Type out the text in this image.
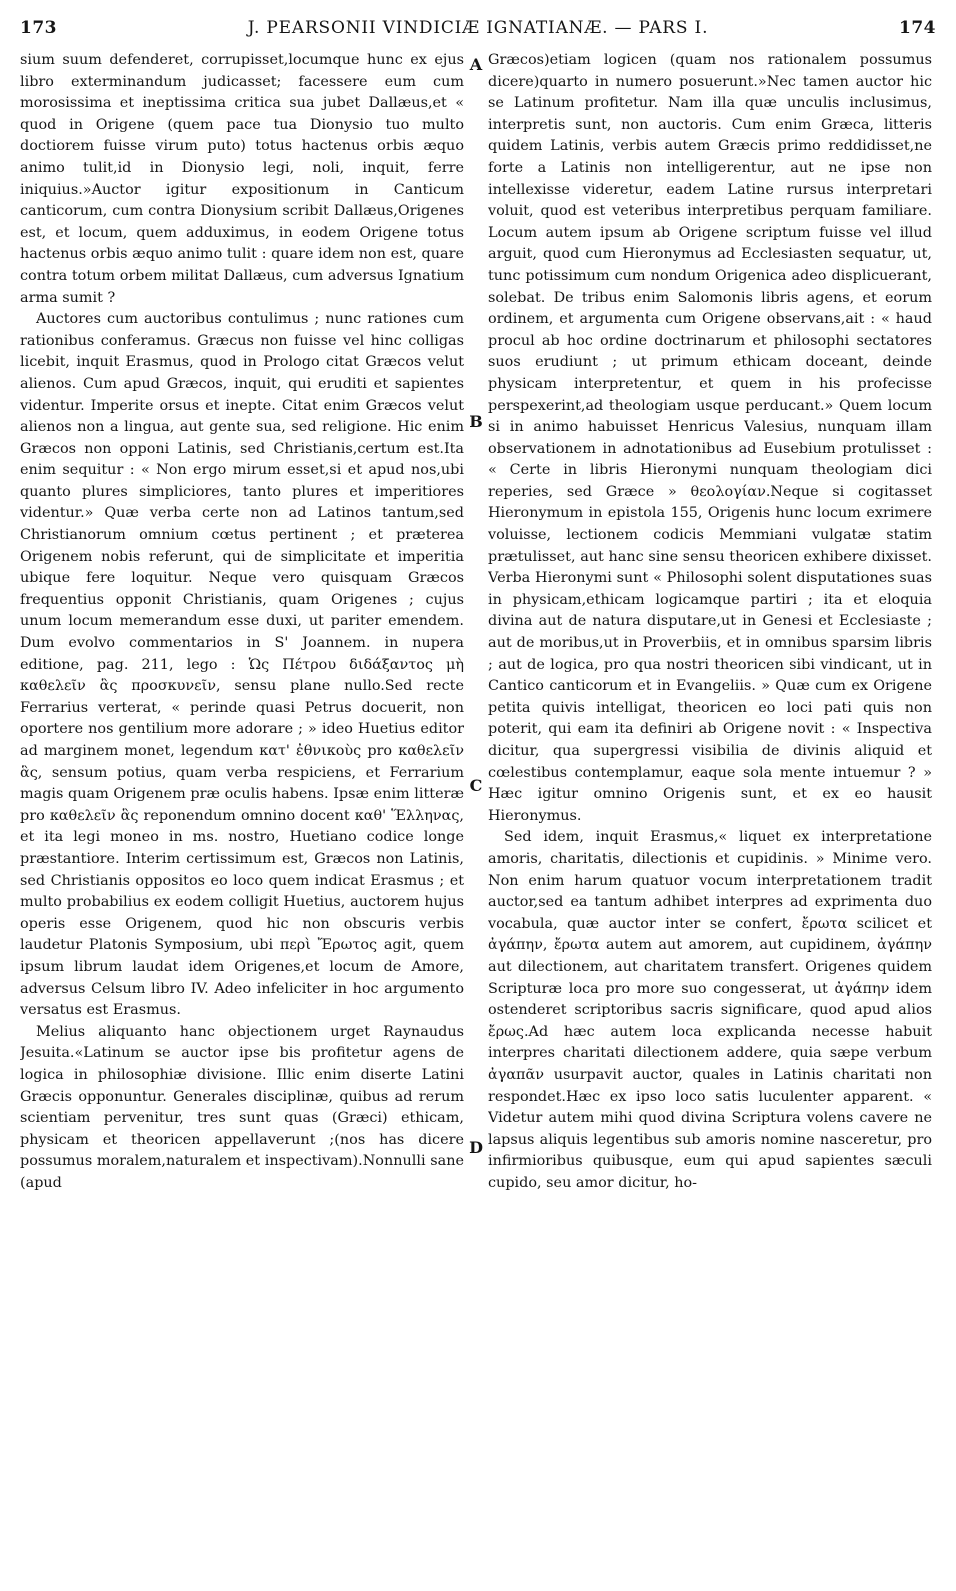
173	J. PEARSONII VINDICIÆ IGNATIANÆ. — PARS I.	174

sium suum defenderet, corrupisset,locumque hunc ex ejus libro exterminandum judicasset; facessere eum cum morosissima et ineptissima critica sua jubet Dallæus,et « quod in Origene (quem pace tua Dionysio tuo multo doctiorem fuisse virum puto) totus hactenus orbis æquo animo tulit,id in Dionysio legi, noli, inquit, ferre iniquius.»Auctor igitur expositionum in Canticum canticorum, cum contra Dionysium scribit Dallæus,Origenes est, et locum, quem adduximus, in eodem Origene totus hactenus orbis æquo animo tulit : quare idem non est, quare contra totum orbem militat Dallæus, cum adversus Ignatium arma sumit ?

Auctores cum auctoribus contulimus ; nunc rationes cum rationibus conferamus. Græcus non fuisse vel hinc colligas licebit, inquit Erasmus, quod in Prologo citat Græcos velut alienos. Cum apud Græcos, inquit, qui eruditi et sapientes videntur. Imperite orsus et inepte. Citat enim Græcos velut alienos non a lingua, aut gente sua, sed religione. Hic enim Græcos non opponi Latinis, sed Christianis,certum est.Ita enim sequitur : « Non ergo mirum esset,si et apud nos,ubi quanto plures simpliciores, tanto plures et imperitiores videntur.» Quæ verba certe non ad Latinos tantum,sed Christianorum omnium cœtus pertinent ; et præterea Origenem nobis referunt, qui de simplicitate et imperitia ubique fere loquitur. Neque vero quisquam Græcos frequentius opponit Christianis, quam Origenes ; cujus unum locum memerandum esse duxi, ut pariter emendem. Dum evolvo commentarios in S' Joannem. in nupera editione, pag. 211, lego : Ὡς Πέτρου διδάξαντος μὴ καθελεῖν ἃς προσκυνεῖν, sensu plane nullo.Sed recte Ferrarius verterat, « perinde quasi Petrus docuerit, non oportere nos gentilium more adorare ; » ideo Huetius editor ad marginem monet, legendum κατ' ἐθνικοὺς pro καθελεῖν ἃς, sensum potius, quam verba respiciens, et Ferrarium magis quam Origenem præ oculis habens. Ipsæ enim litteræ pro καθελεῖν ἃς reponendum omnino docent καθ' Ἕλληνας, et ita legi moneo in ms. nostro, Huetiano codice longe præstantiore. Interim certissimum est, Græcos non Latinis, sed Christianis oppositos eo loco quem indicat Erasmus ; et multo probabilius ex eodem colligit Huetius, auctorem hujus operis esse Origenem, quod hic non obscuris verbis laudetur Platonis Symposium, ubi περὶ Ἔρωτος agit, quem ipsum librum laudat idem Origenes,et locum de Amore, adversus Celsum libro IV. Adeo infeliciter in hoc argumento versatus est Erasmus.

Melius aliquanto hanc objectionem urget Raynaudus Jesuita.«Latinum se auctor ipse bis profitetur agens de logica in philosophiæ divisione. Illic enim diserte Latini Græcis opponuntur. Generales disciplinæ, quibus ad rerum scientiam pervenitur, tres sunt quas (Græci) ethicam, physicam et theoricen appellaverunt ;(nos has dicere possumus moralem,naturalem et inspectivam).Nonnulli sane (apud

A
B
C
D

Græcos)etiam logicen (quam nos rationalem possumus dicere)quarto in numero posuerunt.»Nec tamen auctor hic se Latinum profitetur. Nam illa quæ unculis inclusimus, interpretis sunt, non auctoris. Cum enim Græca, litteris quidem Latinis, verbis autem Græcis primo reddidisset,ne forte a Latinis non intelligerentur, aut ne ipse non intellexisse videretur, eadem Latine rursus interpretari voluit, quod est veteribus interpretibus perquam familiare. Locum autem ipsum ab Origene scriptum fuisse vel illud arguit, quod cum Hieronymus ad Ecclesiasten sequatur, ut, tunc potissimum cum nondum Origenica adeo displicuerant, solebat. De tribus enim Salomonis libris agens, et eorum ordinem, et argumenta cum Origene observans,ait : « haud procul ab hoc ordine doctrinarum et philosophi sectatores suos erudiunt ; ut primum ethicam doceant, deinde physicam interpretentur, et quem in his profecisse perspexerint,ad theologiam usque perducant.» Quem locum si in animo habuisset Henricus Valesius, nunquam illam observationem in adnotationibus ad Eusebium protulisset : « Certe in libris Hieronymi nunquam theologiam dici reperies, sed Græce » θεολογίαν.Neque si cogitasset Hieronymum in epistola 155, Origenis hunc locum exrimere voluisse, lectionem codicis Memmiani vulgatæ statim prætulisset, aut hanc sine sensu theoricen exhibere dixisset. Verba Hieronymi sunt « Philosophi solent disputationes suas in physicam,ethicam logicamque partiri ; ita et eloquia divina aut de natura disputare,ut in Genesi et Ecclesiaste ; aut de moribus,ut in Proverbiis, et in omnibus sparsim libris ; aut de logica, pro qua nostri theoricen sibi vindicant, ut in Cantico canticorum et in Evangeliis. » Quæ cum ex Origene petita quivis intelligat, theoricen eo loci pati quis non poterit, qui eam ita definiri ab Origene novit : « Inspectiva dicitur, qua supergressi visibilia de divinis aliquid et cœlestibus contemplamur, eaque sola mente intuemur ? » Hæc igitur omnino Origenis sunt, et ex eo hausit Hieronymus.

Sed idem, inquit Erasmus,« liquet ex interpretatione amoris, charitatis, dilectionis et cupidinis. » Minime vero. Non enim harum quatuor vocum interpretationem tradit auctor,sed ea tantum adhibet interpres ad exprimenta duo vocabula, quæ auctor inter se confert, ἔρωτα scilicet et ἀγάπην, ἔρωτα autem aut amorem, aut cupidinem, ἀγάπην aut dilectionem, aut charitatem transfert. Origenes quidem Scripturæ loca pro more suo congesserat, ut ἀγάπην idem ostenderet scriptoribus sacris significare, quod apud alios ἔρως.Ad hæc autem loca explicanda necesse habuit interpres charitati dilectionem addere, quia sæpe verbum ἀγαπᾶν usurpavit auctor, quales in Latinis charitati non respondet.Hæc ex ipso loco satis luculenter apparent. « Videtur autem mihi quod divina Scriptura volens cavere ne lapsus aliquis legentibus sub amoris nomine nasceretur, pro infirmioribus quibusque, eum qui apud sapientes sæculi cupido, seu amor dicitur, ho-
